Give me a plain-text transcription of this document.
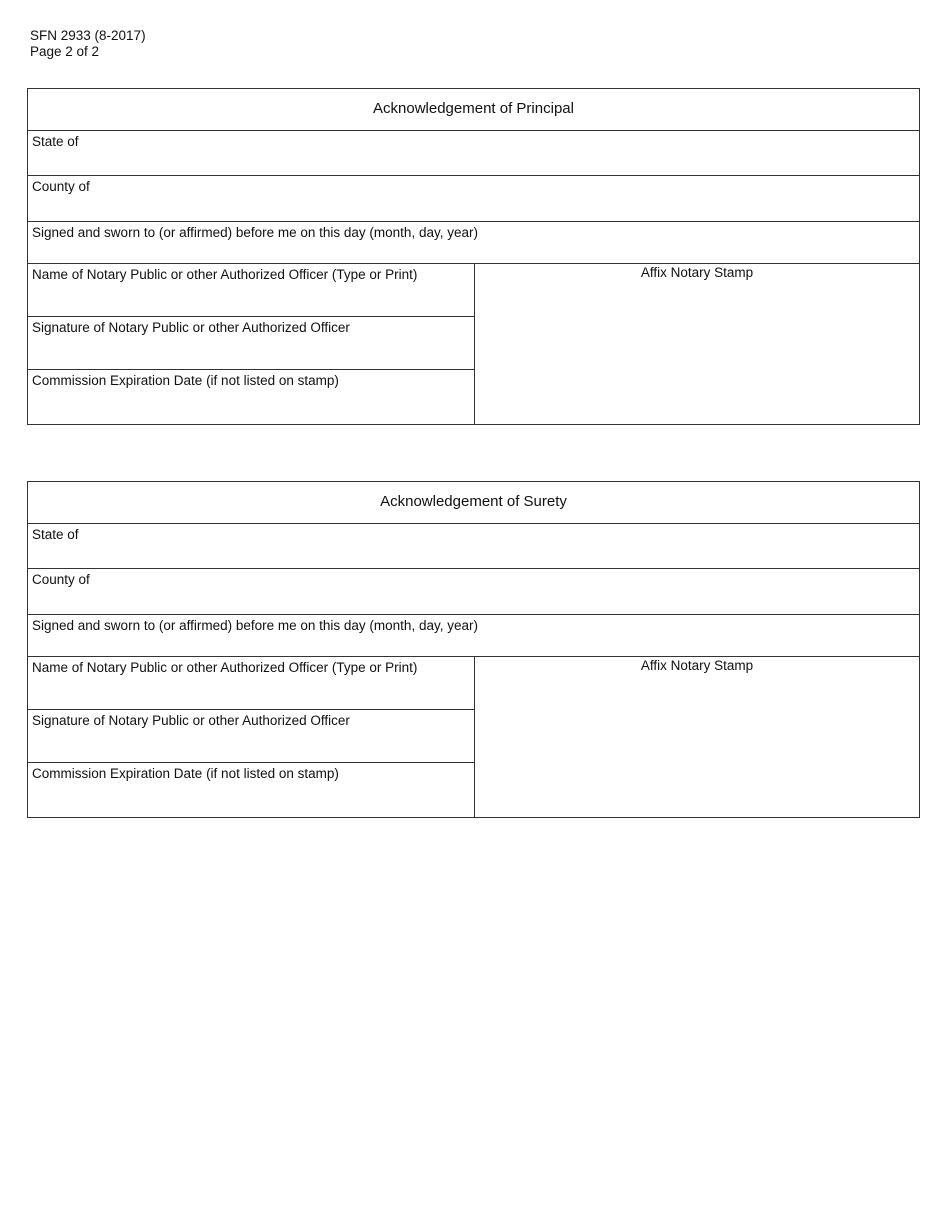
SFN 2933 (8-2017)
Page 2 of 2
Acknowledgement of Principal
State of
County of
Signed and sworn to (or affirmed) before me on this day (month, day, year)
Name of Notary Public or other Authorized Officer (Type or Print)
Signature of Notary Public or other Authorized Officer
Commission Expiration Date (if not listed on stamp)
Affix Notary Stamp
Acknowledgement of Surety
State of
County of
Signed and sworn to (or affirmed) before me on this day (month, day, year)
Name of Notary Public or other Authorized Officer (Type or Print)
Signature of Notary Public or other Authorized Officer
Commission Expiration Date (if not listed on stamp)
Affix Notary Stamp
